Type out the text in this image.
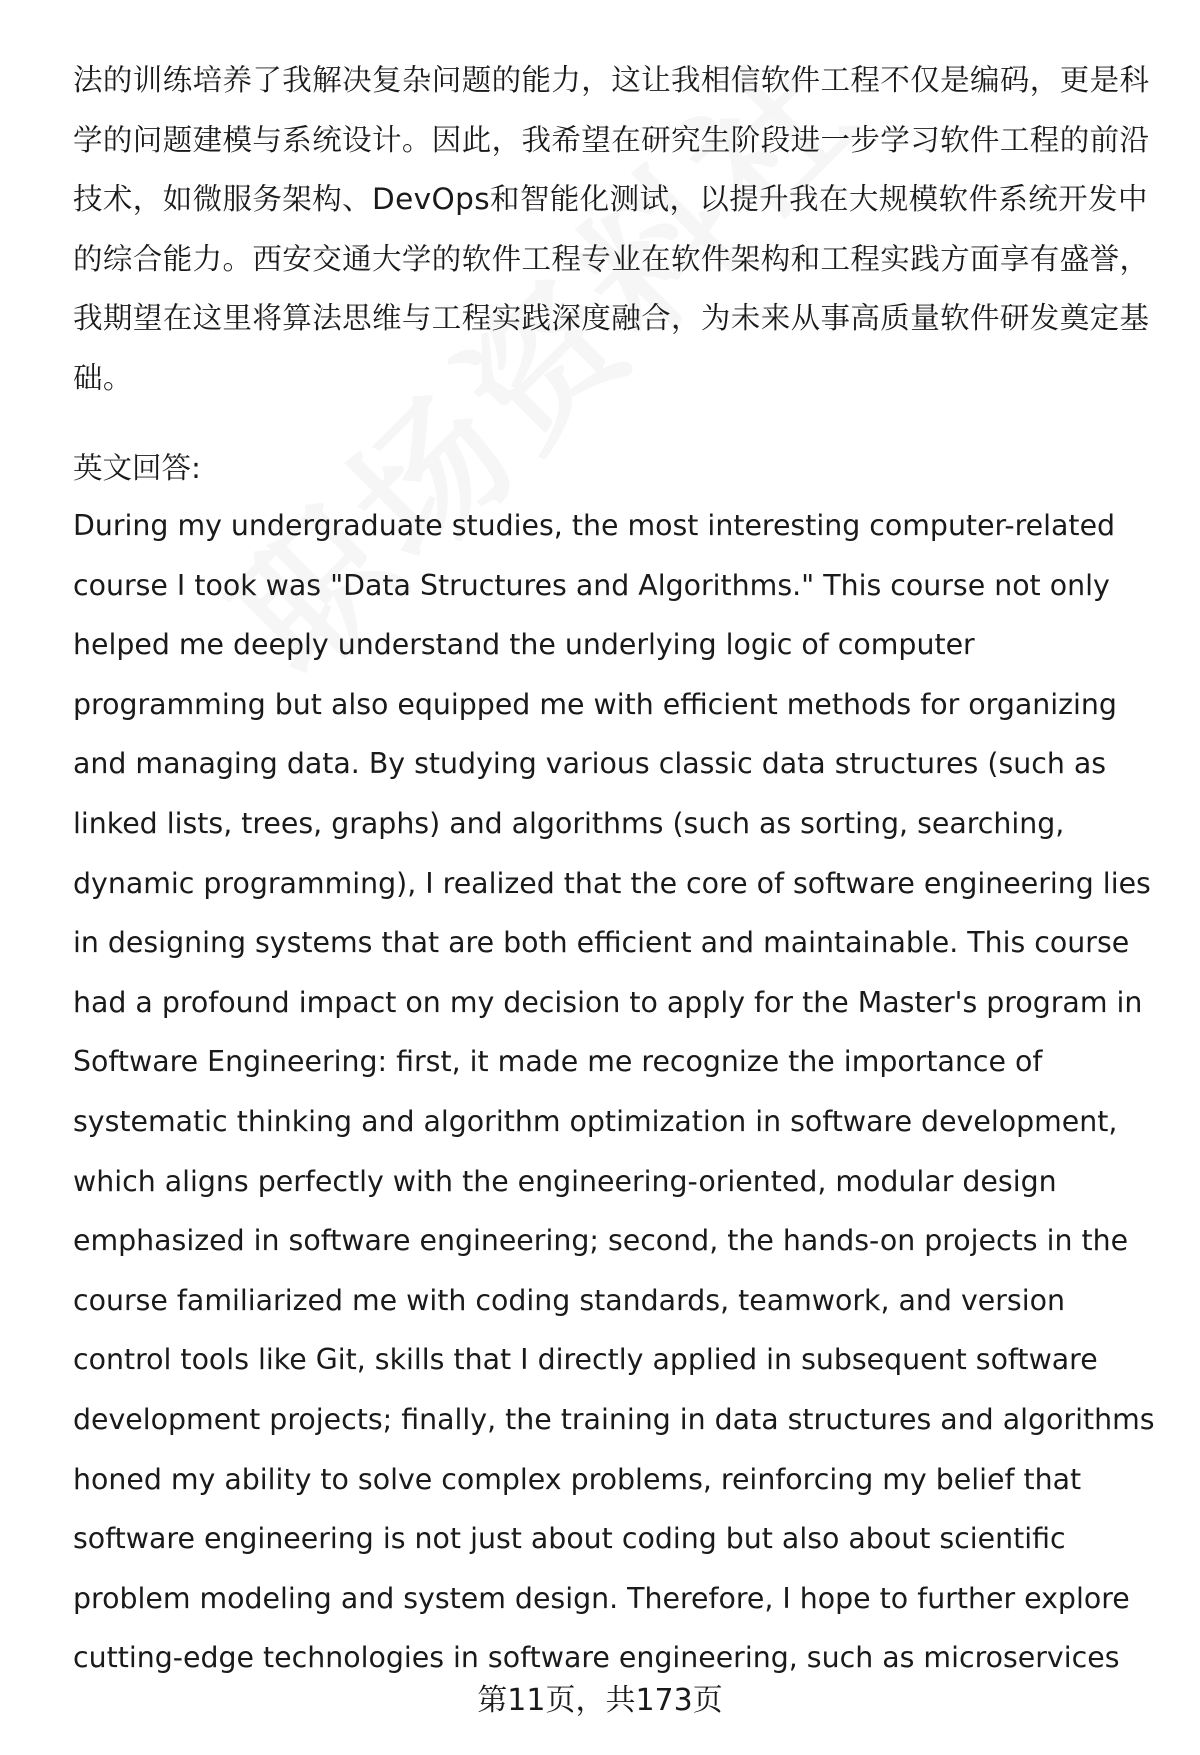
法的训练培养了我解决复杂问题的能力，这让我相信软件工程不仅是编码，更是科
学的问题建模与系统设计。因此，我希望在研究生阶段进一步学习软件工程的前沿
技术，如微服务架构、DevOps和智能化测试，以提升我在大规模软件系统开发中
的综合能力。西安交通大学的软件工程专业在软件架构和工程实践方面享有盛誉，
我期望在这里将算法思维与工程实践深度融合，为未来从事高质量软件研发奠定基
础。
英文回答:
During my undergraduate studies, the most interesting computer-related
course I took was "Data Structures and Algorithms." This course not only
helped me deeply understand the underlying logic of computer
programming but also equipped me with efficient methods for organizing
and managing data. By studying various classic data structures (such as
linked lists, trees, graphs) and algorithms (such as sorting, searching,
dynamic programming), I realized that the core of software engineering lies
in designing systems that are both efficient and maintainable. This course
had a profound impact on my decision to apply for the Master's program in
Software Engineering: first, it made me recognize the importance of
systematic thinking and algorithm optimization in software development,
which aligns perfectly with the engineering-oriented, modular design
emphasized in software engineering; second, the hands-on projects in the
course familiarized me with coding standards, teamwork, and version
control tools like Git, skills that I directly applied in subsequent software
development projects; finally, the training in data structures and algorithms
honed my ability to solve complex problems, reinforcing my belief that
software engineering is not just about coding but also about scientific
problem modeling and system design. Therefore, I hope to further explore
cutting-edge technologies in software engineering, such as microservices
第11页，共173页
